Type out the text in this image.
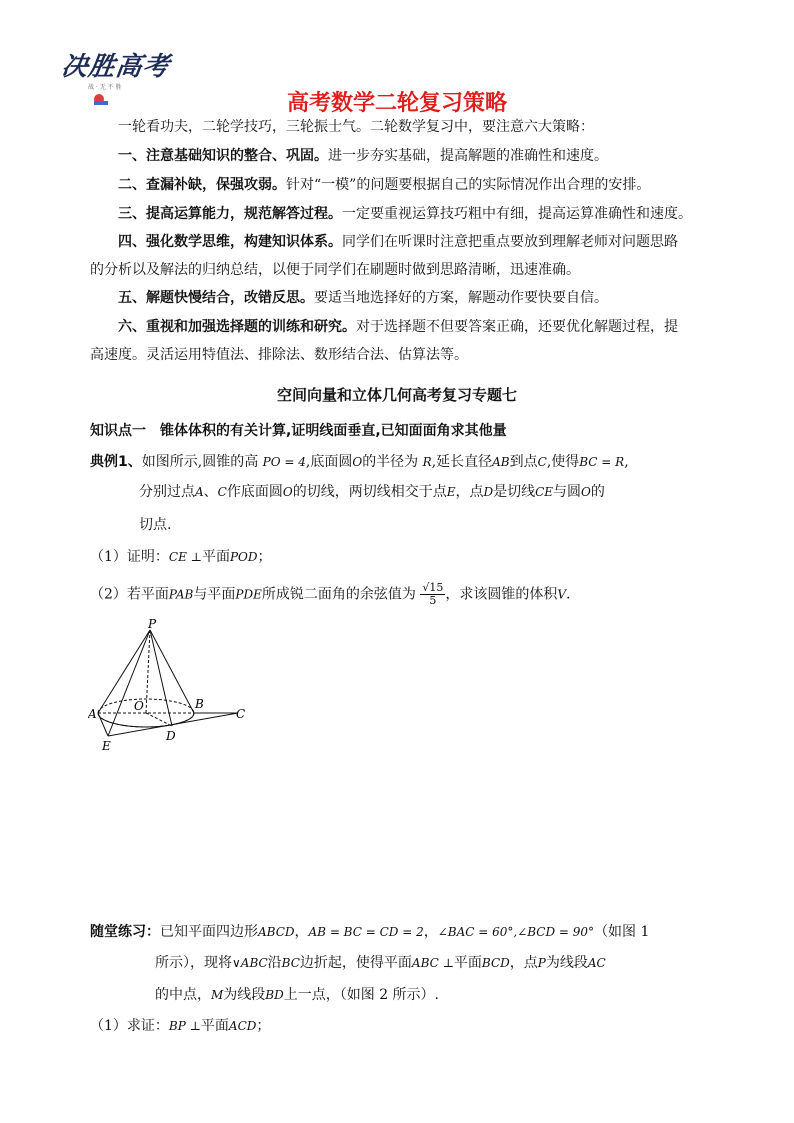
决胜高考
战 · 无 不 胜
高考数学二轮复习策略
一轮看功夫，二轮学技巧，三轮振士气。二轮数学复习中，要注意六大策略：
一、注意基础知识的整合、巩固。进一步夯实基础，提高解题的准确性和速度。
二、查漏补缺，保强攻弱。针对“一模”的问题要根据自己的实际情况作出合理的安排。
三、提高运算能力，规范解答过程。一定要重视运算技巧粗中有细，提高运算准确性和速度。
四、强化数学思维，构建知识体系。同学们在听课时注意把重点要放到理解老师对问题思路
的分析以及解法的归纳总结，以便于同学们在刷题时做到思路清晰，迅速准确。
五、解题快慢结合，改错反思。要适当地选择好的方案，解题动作要快要自信。
六、重视和加强选择题的训练和研究。对于选择题不但要答案正确，还要优化解题过程，提
高速度。灵活运用特值法、排除法、数形结合法、估算法等。
空间向量和立体几何高考复习专题七
知识点一　锥体体积的有关计算,证明线面垂直,已知面面角求其他量
典例1、如图所示,圆锥的高 PO = 4,底面圆O的半径为 R,延长直径AB到点C,使得BC = R,
分别过点A、C作底面圆O的切线，两切线相交于点E，点D是切线CE与圆O的
切点.
（1）证明：CE ⊥平面POD；
（2）若平面PAB与平面PDE所成锐二面角的余弦值为 $\frac{√15}{5}$ ，求该圆锥的体积V.
P
O
A
B
C
D
E
随堂练习：已知平面四边形ABCD，AB = BC = CD = 2，∠BAC = 60°,∠BCD = 90°（如图 1
所示），现将∨ABC沿BC边折起，使得平面ABC ⊥平面BCD，点P为线段AC
的中点，M为线段BD上一点，（如图 2 所示）.
（1）求证：BP ⊥平面ACD；
